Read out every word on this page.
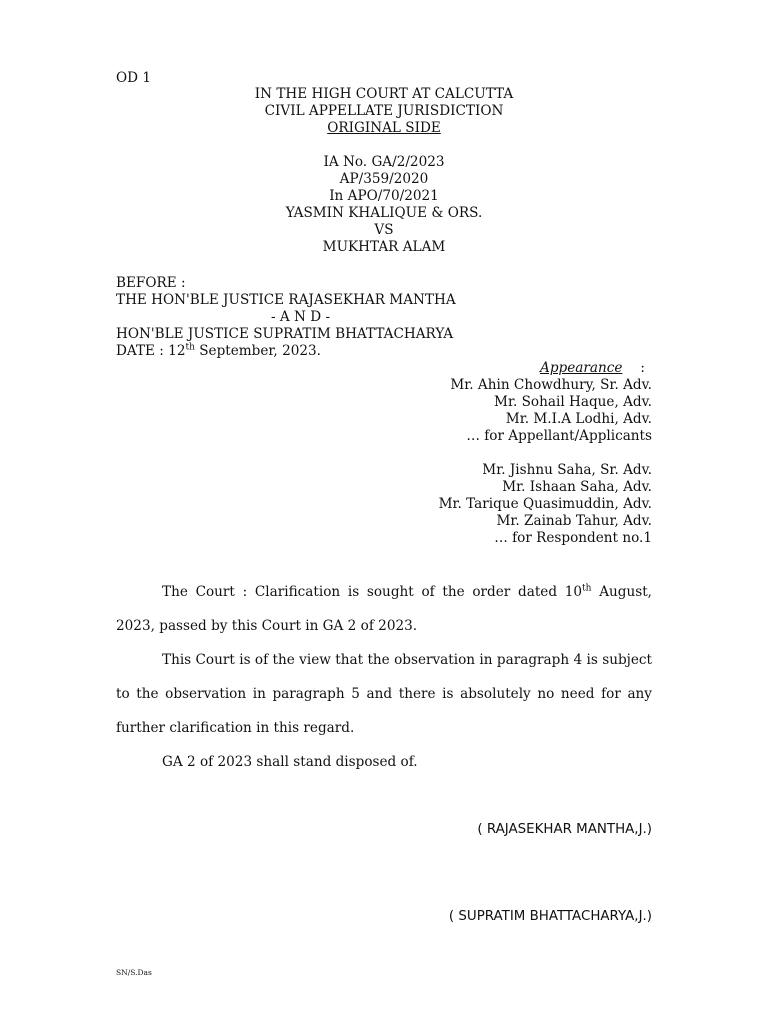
OD 1
IN THE HIGH COURT AT CALCUTTA
CIVIL APPELLATE JURISDICTION
ORIGINAL SIDE
IA No. GA/2/2023
AP/359/2020
In APO/70/2021
YASMIN KHALIQUE & ORS.
VS
MUKHTAR ALAM
BEFORE :
THE HON'BLE JUSTICE RAJASEKHAR MANTHA
- A N D -
HON'BLE JUSTICE SUPRATIM BHATTACHARYA
DATE : 12th September, 2023.
Appearance :
Mr. Ahin Chowdhury, Sr. Adv.
Mr. Sohail Haque, Adv.
Mr. M.I.A Lodhi, Adv.
… for Appellant/Applicants
Mr. Jishnu Saha, Sr. Adv.
Mr. Ishaan Saha, Adv.
Mr. Tarique Quasimuddin, Adv.
Mr. Zainab Tahur, Adv.
… for Respondent no.1
The Court : Clarification is sought of the order dated 10th August, 2023, passed by this Court in GA 2 of 2023.
This Court is of the view that the observation in paragraph 4 is subject to the observation in paragraph 5 and there is absolutely no need for any further clarification in this regard.
GA 2 of 2023 shall stand disposed of.
( RAJASEKHAR MANTHA,J.)
( SUPRATIM BHATTACHARYA,J.)
SN/S.Das
